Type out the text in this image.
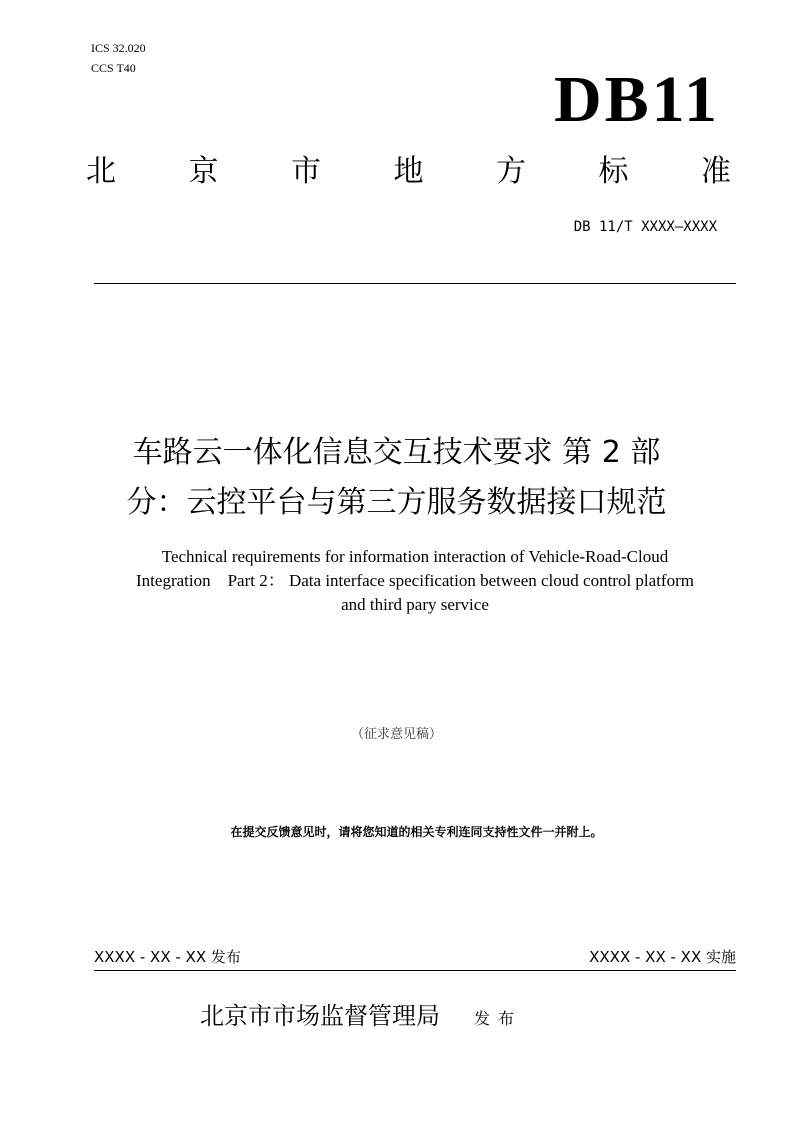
ICS 32.020
CCS T40	DB11
北 京 市 地 方 标 准
DB 11/T XXXX—XXXX
车路云一体化信息交互技术要求 第 2 部
分：云控平台与第三方服务数据接口规范
Technical requirements for information interaction of Vehicle-Road-Cloud
Integration　Part 2： Data interface specification between cloud control platform
and third pary service
（征求意见稿）
在提交反馈意见时，请将您知道的相关专利连同支持性文件一并附上。
XXXX - XX - XX 发布	XXXX - XX - XX 实施
北京市市场监督管理局 发布
